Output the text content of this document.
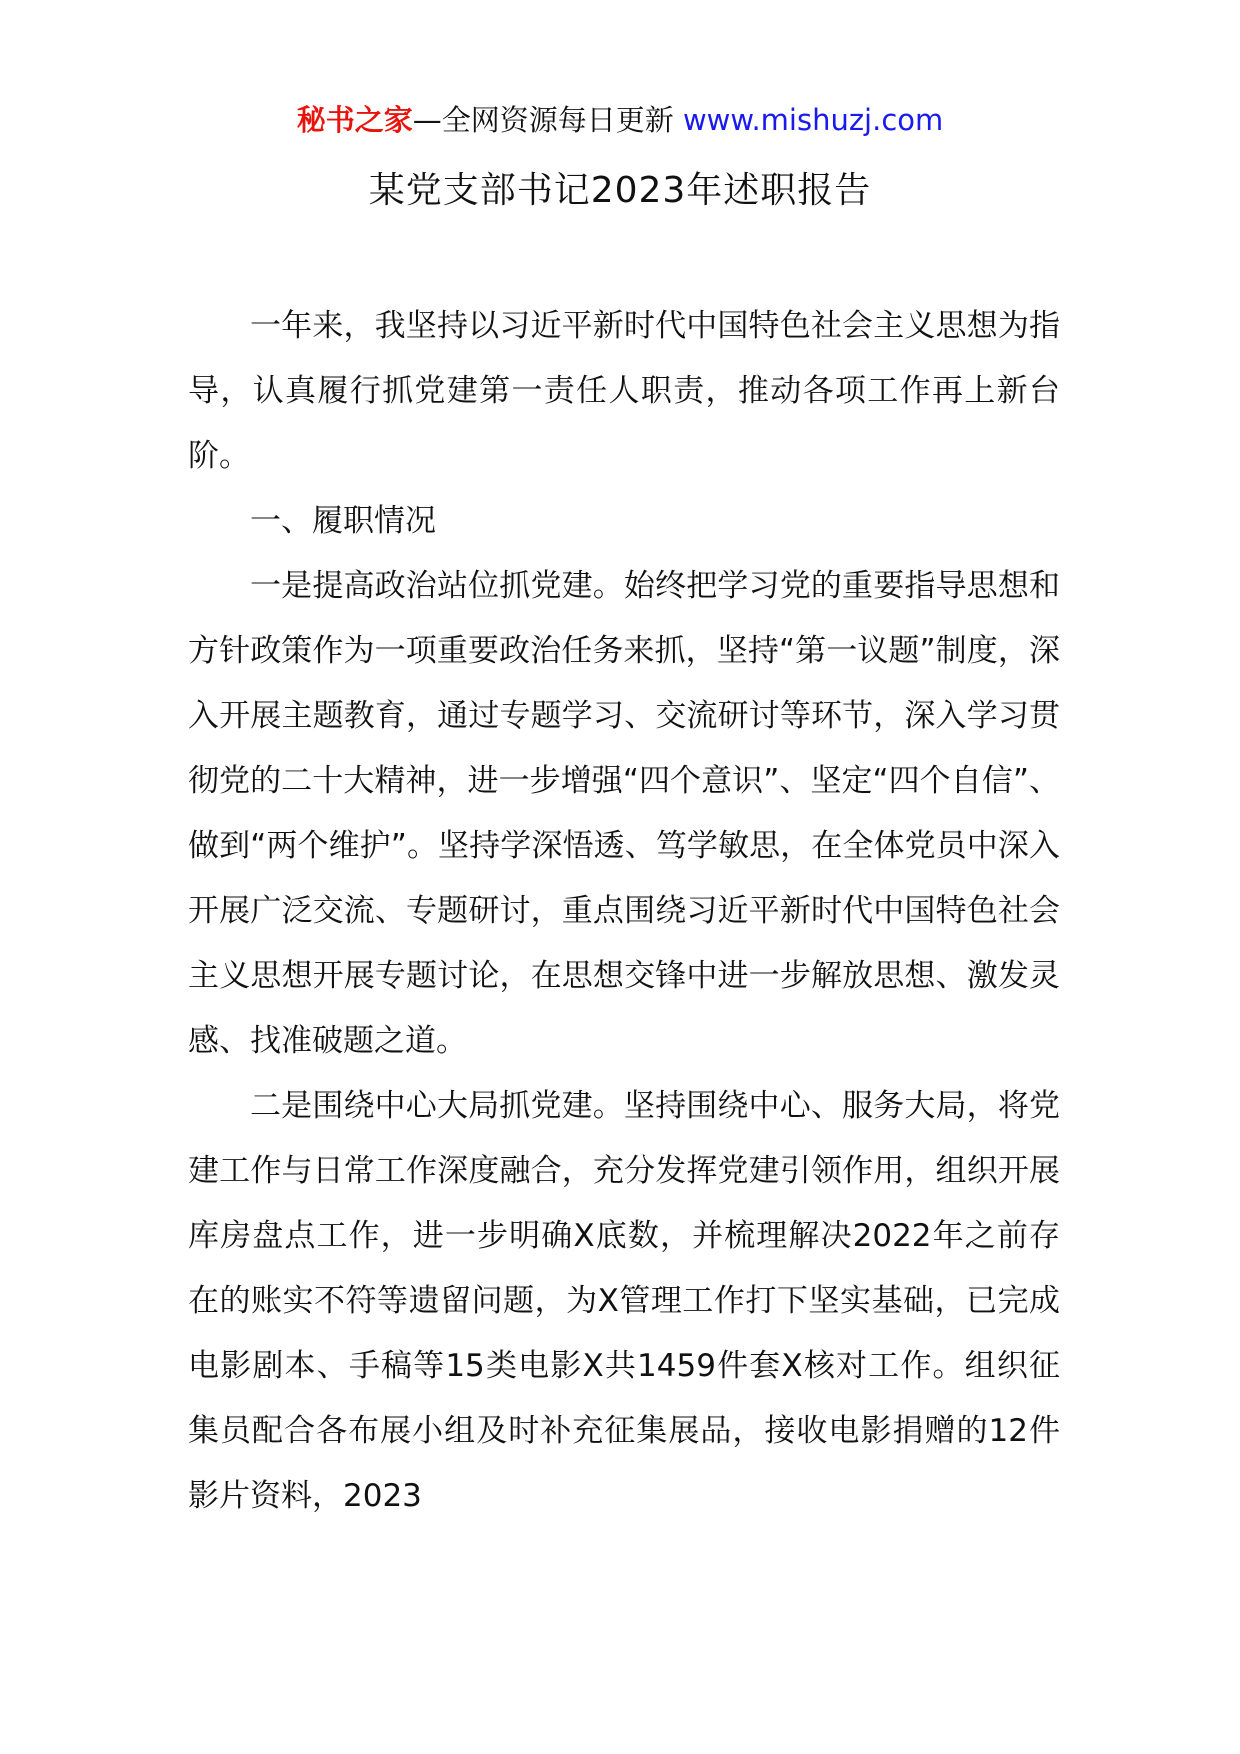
秘书之家—全网资源每日更新 www.mishuzj.com
某党支部书记2023年述职报告

一年来，我坚持以习近平新时代中国特色社会主义思想为指导，认真履行抓党建第一责任人职责，推动各项工作再上新台阶。

一、履职情况

一是提高政治站位抓党建。始终把学习党的重要指导思想和方针政策作为一项重要政治任务来抓，坚持“第一议题”制度，深入开展主题教育，通过专题学习、交流研讨等环节，深入学习贯彻党的二十大精神，进一步增强“四个意识”、坚定“四个自信”、做到“两个维护”。坚持学深悟透、笃学敏思，在全体党员中深入开展广泛交流、专题研讨，重点围绕习近平新时代中国特色社会主义思想开展专题讨论，在思想交锋中进一步解放思想、激发灵感、找准破题之道。

二是围绕中心大局抓党建。坚持围绕中心、服务大局，将党建工作与日常工作深度融合，充分发挥党建引领作用，组织开展库房盘点工作，进一步明确X底数，并梳理解决2022年之前存在的账实不符等遗留问题，为X管理工作打下坚实基础，已完成电影剧本、手稿等15类电影X共1459件套X核对工作。组织征集员配合各布展小组及时补充征集展品，接收电影捐赠的12件影片资料，2023
